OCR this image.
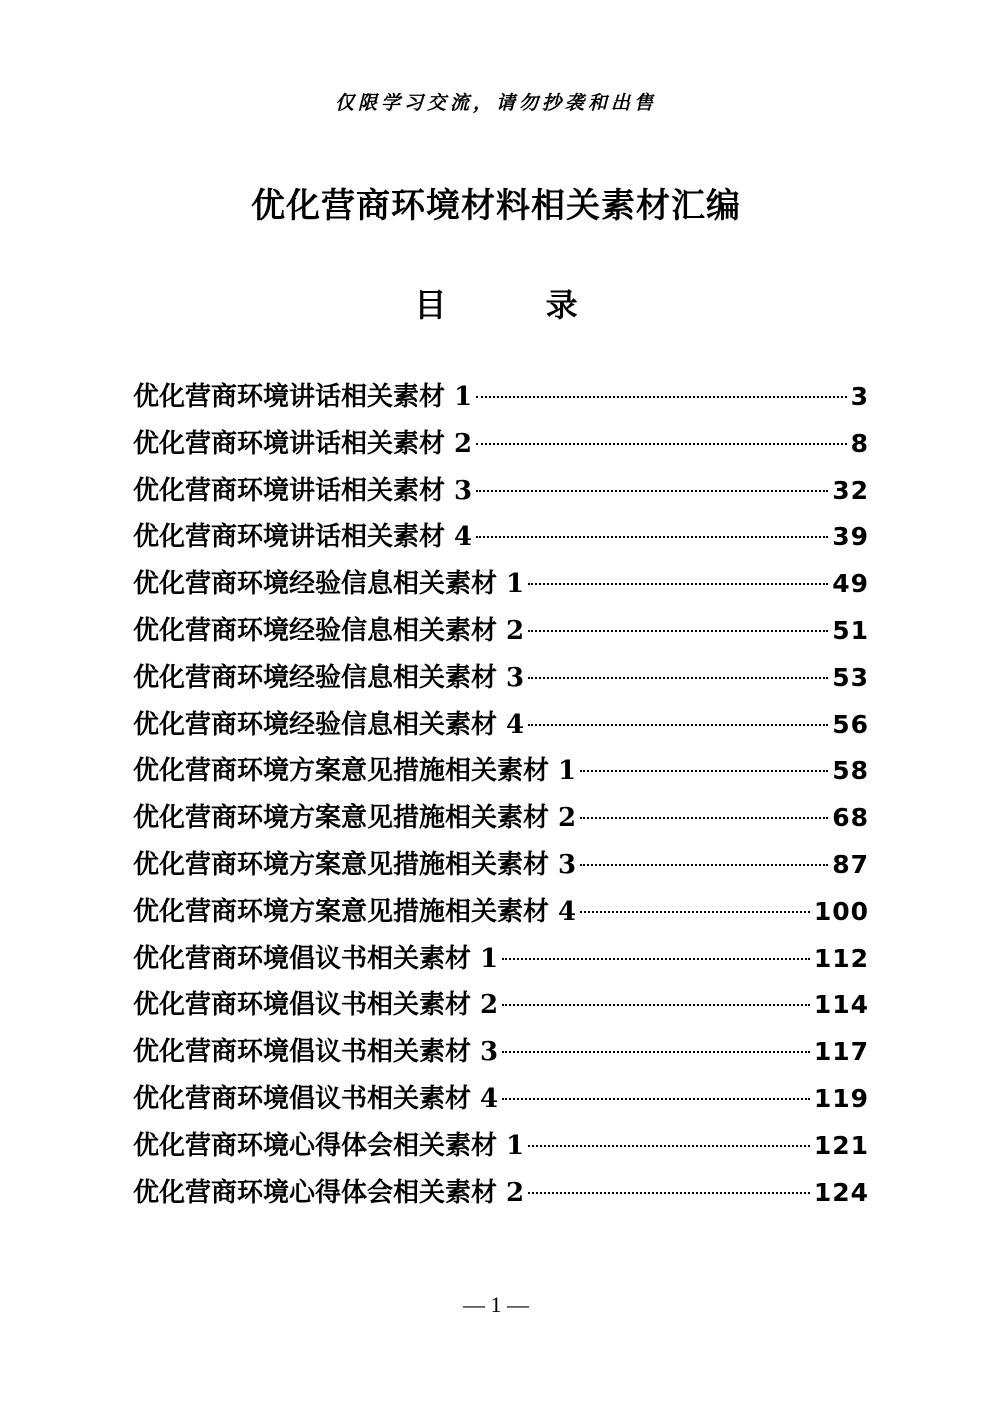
仅限学习交流，请勿抄袭和出售
优化营商环境材料相关素材汇编
目 录
优化营商环境讲话相关素材 1	3
优化营商环境讲话相关素材 2	8
优化营商环境讲话相关素材 3	32
优化营商环境讲话相关素材 4	39
优化营商环境经验信息相关素材 1	49
优化营商环境经验信息相关素材 2	51
优化营商环境经验信息相关素材 3	53
优化营商环境经验信息相关素材 4	56
优化营商环境方案意见措施相关素材 1	58
优化营商环境方案意见措施相关素材 2	68
优化营商环境方案意见措施相关素材 3	87
优化营商环境方案意见措施相关素材 4	100
优化营商环境倡议书相关素材 1	112
优化营商环境倡议书相关素材 2	114
优化营商环境倡议书相关素材 3	117
优化营商环境倡议书相关素材 4	119
优化营商环境心得体会相关素材 1	121
优化营商环境心得体会相关素材 2	124
— 1 —
